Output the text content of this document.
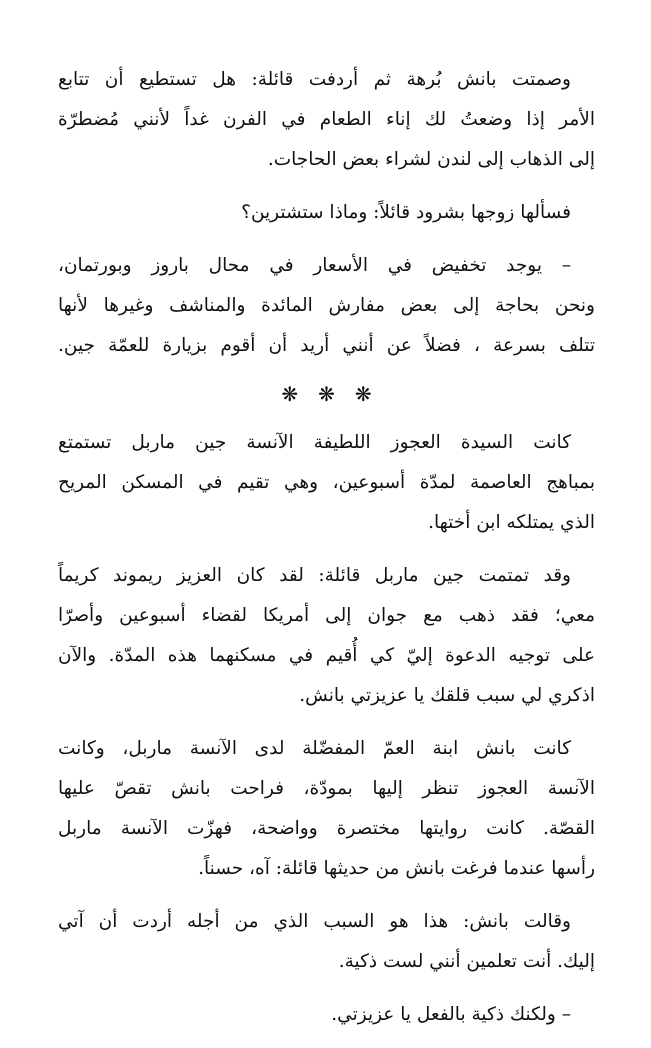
وصمتت بانش بُرهة ثم أردفت قائلة: هل تستطيع أن تتابع
الأمر إذا وضعتُ لك إناء الطعام في الفرن غداً لأنني مُضطرّة
إلى الذهاب إلى لندن لشراء بعض الحاجات.

فسألها زوجها بشرود قائلاً: وماذا ستشترين؟

– يوجد تخفيض في الأسعار في محال باروز وبورتمان،
ونحن بحاجة إلى بعض مفارش المائدة والمناشف وغيرها لأنها
تتلف بسرعة ، فضلاً عن أنني أريد أن أقوم بزيارة للعمّة جين.

❋❋❋

كانت السيدة العجوز اللطيفة الآنسة جين ماربل تستمتع
بمباهج العاصمة لمدّة أسبوعين، وهي تقيم في المسكن المريح
الذي يمتلكه ابن أختها.

وقد تمتمت جين ماربل قائلة: لقد كان العزيز ريموند كريماً
معي؛ فقد ذهب مع جوان إلى أمريكا لقضاء أسبوعين وأصرّا
على توجيه الدعوة إليّ كي أُقيم في مسكنهما هذه المدّة. والآن
اذكري لي سبب قلقك يا عزيزتي بانش.

كانت بانش ابنة العمّ المفضّلة لدى الآنسة ماربل، وكانت
الآنسة العجوز تنظر إليها بمودّة، فراحت بانش تقصّ عليها
القصّة. كانت روايتها مختصرة وواضحة، فهزّت الآنسة ماربل
رأسها عندما فرغت بانش من حديثها قائلة: آه، حسناً.

وقالت بانش: هذا هو السبب الذي من أجله أردت أن آتي
إليك. أنت تعلمين أنني لست ذكية.

– ولكنك ذكية بالفعل يا عزيزتي.
